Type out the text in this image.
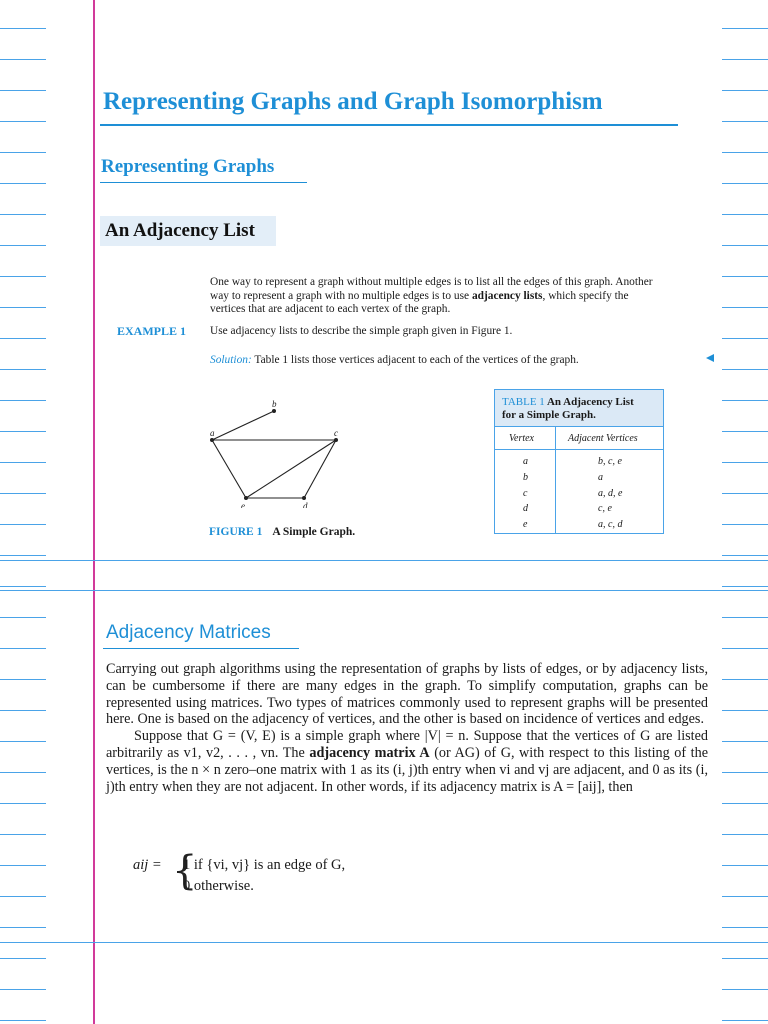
Representing Graphs and Graph Isomorphism
Representing Graphs
An Adjacency List
One way to represent a graph without multiple edges is to list all the edges of this graph. Another
way to represent a graph with no multiple edges is to use adjacency lists, which specify the
vertices that are adjacent to each vertex of the graph.
EXAMPLE 1 Use adjacency lists to describe the simple graph given in Figure 1.
Solution: Table 1 lists those vertices adjacent to each of the vertices of the graph.
a
b
c
d
e
FIGURE 1 A Simple Graph.
TABLE 1 An Adjacency List
for a Simple Graph.
Vertex	Adjacent Vertices
a	b, c, e
b	a
c	a, d, e
d	c, e
e	a, c, d
Adjacency Matrices
Carrying out graph algorithms using the representation of graphs by lists of edges, or by adjacency lists, can be cumbersome if there are many edges in the graph. To simplify computation, graphs can be represented using matrices. Two types of matrices commonly used to represent graphs will be presented here. One is based on the adjacency of vertices, and the other is based on incidence of vertices and edges.
Suppose that G = (V, E) is a simple graph where |V| = n. Suppose that the vertices of G are listed arbitrarily as v1, v2, . . . , vn. The adjacency matrix A (or AG) of G, with respect to this listing of the vertices, is the n × n zero–one matrix with 1 as its (i, j)th entry when vi and vj are adjacent, and 0 as its (i, j)th entry when they are not adjacent. In other words, if its adjacency matrix is A = [aij], then
aij = {
1 if {vi, vj} is an edge of G,
0 otherwise.
